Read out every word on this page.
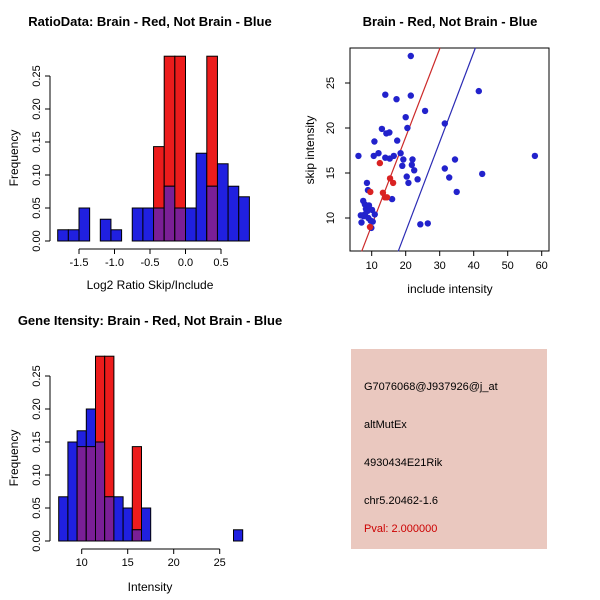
0.00
0.05
0.10
0.15
0.20
0.25
-1.5 -1.0 -0.5 0.0 0.5	10 20 30 40 50 60
10
15
20
25
0.00
0.05
0.10
0.15
0.20
0.25
10	15	20	25
RatioData: Brain - Red, Not Brain - Blue	Brain - Red, Not Brain - Blue
Gene Itensity: Brain - Red, Not Brain - Blue
Log2 Ratio Skip/Include	include intensity
Intensity
Frequency	skip intensity
Frequency
G7076068@J937926@j_at
altMutEx
4930434E21Rik
chr5.20462-1.6
Pval: 2.000000
